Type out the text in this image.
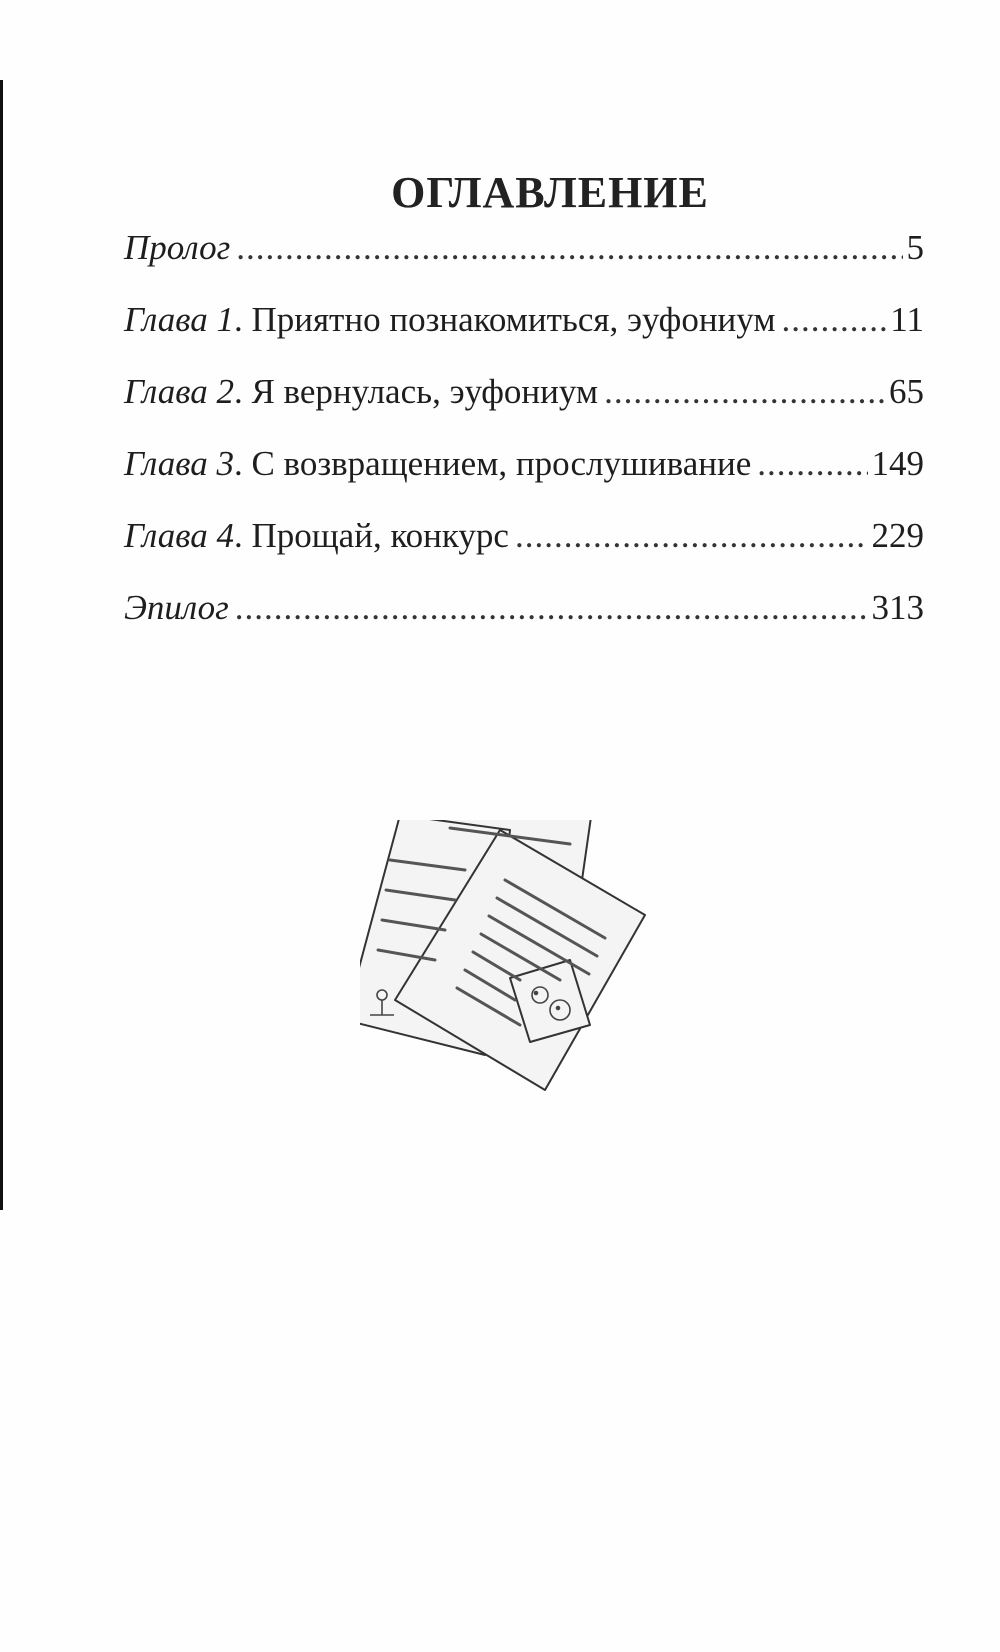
ОГЛАВЛЕНИЕ
Пролог .....	5
Глава 1 . Приятно познакомиться, эуфониум .....	11
Глава 2 . Я вернулась, эуфониум .....	65
Глава 3 . С возвращением, прослушивание .....	149
Глава 4 . Прощай, конкурс .....	229
Эпилог .....	313
